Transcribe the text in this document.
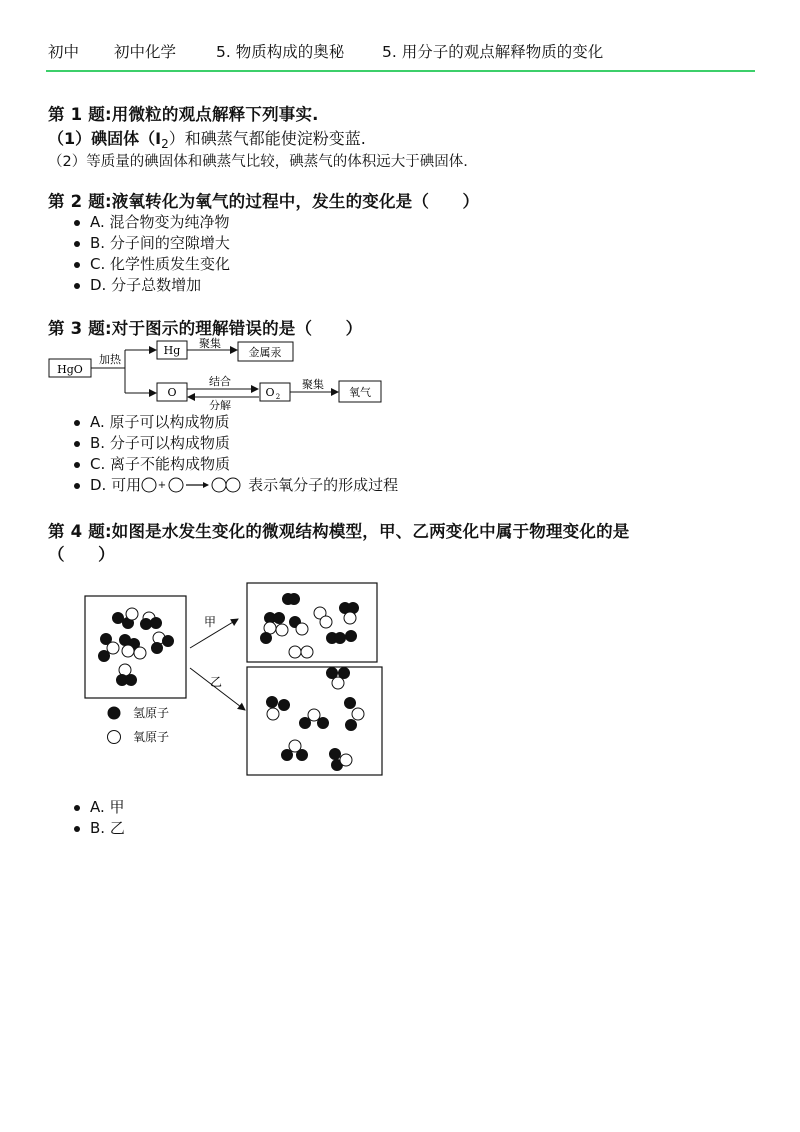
初中	初中化学	5. 物质构成的奥秘	5. 用分子的观点解释物质的变化
第 1 题:用微粒的观点解释下列事实.
（1）碘固体$(I_2)$和碘蒸气都能使淀粉变蓝.
（2）等质量的碘固体和碘蒸气比较，碘蒸气的体积远大于碘固体.
第 2 题:液氧转化为氧气的过程中，发生的变化是（　　）
A. 混合物变为纯净物
B. 分子间的空隙增大
C. 化学性质发生变化
D. 分子总数增加
第 3 题:对于图示的理解错误的是（　　）
HgO
加热
Hg
聚集
金属汞
O
结合
分解
O 2
聚集
氧气
A. 原子可以构成物质
B. 分子可以构成物质
C. 离子不能构成物质
D. 可用 +	表示氧分子的形成过程
第 4 题:如图是水发生变化的微观结构模型，甲、乙两变化中属于物理变化的是
（　　）
甲
乙
氢原子
氧原子
A. 甲
B. 乙
